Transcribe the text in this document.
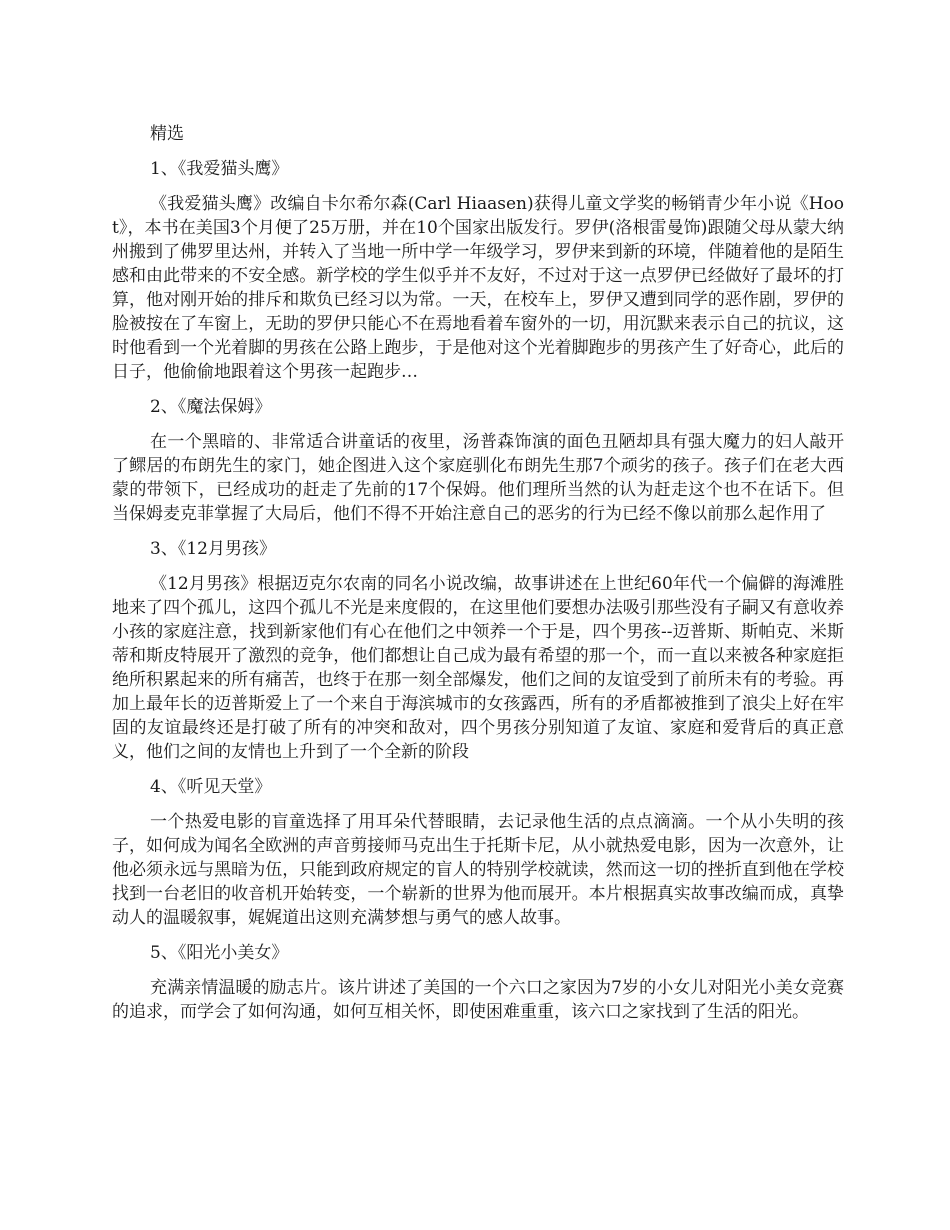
精选
1、《我爱猫头鹰》
《我爱猫头鹰》改编自卡尔希尔森(Carl Hiaasen)获得儿童文学奖的畅销青少年小说《Hoot》，本书在美国3个月便了25万册，并在10个国家出版发行。罗伊(洛根雷曼饰)跟随父母从蒙大纳州搬到了佛罗里达州，并转入了当地一所中学一年级学习，罗伊来到新的环境，伴随着他的是陌生感和由此带来的不安全感。新学校的学生似乎并不友好，不过对于这一点罗伊已经做好了最坏的打算，他对刚开始的排斥和欺负已经习以为常。一天，在校车上，罗伊又遭到同学的恶作剧，罗伊的脸被按在了车窗上，无助的罗伊只能心不在焉地看着车窗外的一切，用沉默来表示自己的抗议，这时他看到一个光着脚的男孩在公路上跑步，于是他对这个光着脚跑步的男孩产生了好奇心，此后的日子，他偷偷地跟着这个男孩一起跑步…
2、《魔法保姆》
在一个黑暗的、非常适合讲童话的夜里，汤普森饰演的面色丑陋却具有强大魔力的妇人敲开了鳏居的布朗先生的家门，她企图进入这个家庭驯化布朗先生那7个顽劣的孩子。孩子们在老大西蒙的带领下，已经成功的赶走了先前的17个保姆。他们理所当然的认为赶走这个也不在话下。但当保姆麦克菲掌握了大局后，他们不得不开始注意自己的恶劣的行为已经不像以前那么起作用了
3、《12月男孩》
《12月男孩》根据迈克尔农南的同名小说改编，故事讲述在上世纪60年代一个偏僻的海滩胜地来了四个孤儿，这四个孤儿不光是来度假的，在这里他们要想办法吸引那些没有子嗣又有意收养小孩的家庭注意，找到新家他们有心在他们之中领养一个于是，四个男孩--迈普斯、斯帕克、米斯蒂和斯皮特展开了激烈的竞争，他们都想让自己成为最有希望的那一个，而一直以来被各种家庭拒绝所积累起来的所有痛苦，也终于在那一刻全部爆发，他们之间的友谊受到了前所未有的考验。再加上最年长的迈普斯爱上了一个来自于海滨城市的女孩露西，所有的矛盾都被推到了浪尖上好在牢固的友谊最终还是打破了所有的冲突和敌对，四个男孩分别知道了友谊、家庭和爱背后的真正意义，他们之间的友情也上升到了一个全新的阶段
4、《听见天堂》
一个热爱电影的盲童选择了用耳朵代替眼睛，去记录他生活的点点滴滴。一个从小失明的孩子，如何成为闻名全欧洲的声音剪接师马克出生于托斯卡尼，从小就热爱电影，因为一次意外，让他必须永远与黑暗为伍，只能到政府规定的盲人的特别学校就读，然而这一切的挫折直到他在学校找到一台老旧的收音机开始转变，一个崭新的世界为他而展开。本片根据真实故事改编而成，真挚动人的温暖叙事，娓娓道出这则充满梦想与勇气的感人故事。
5、《阳光小美女》
充满亲情温暖的励志片。该片讲述了美国的一个六口之家因为7岁的小女儿对阳光小美女竞赛的追求，而学会了如何沟通，如何互相关怀，即使困难重重，该六口之家找到了生活的阳光。
